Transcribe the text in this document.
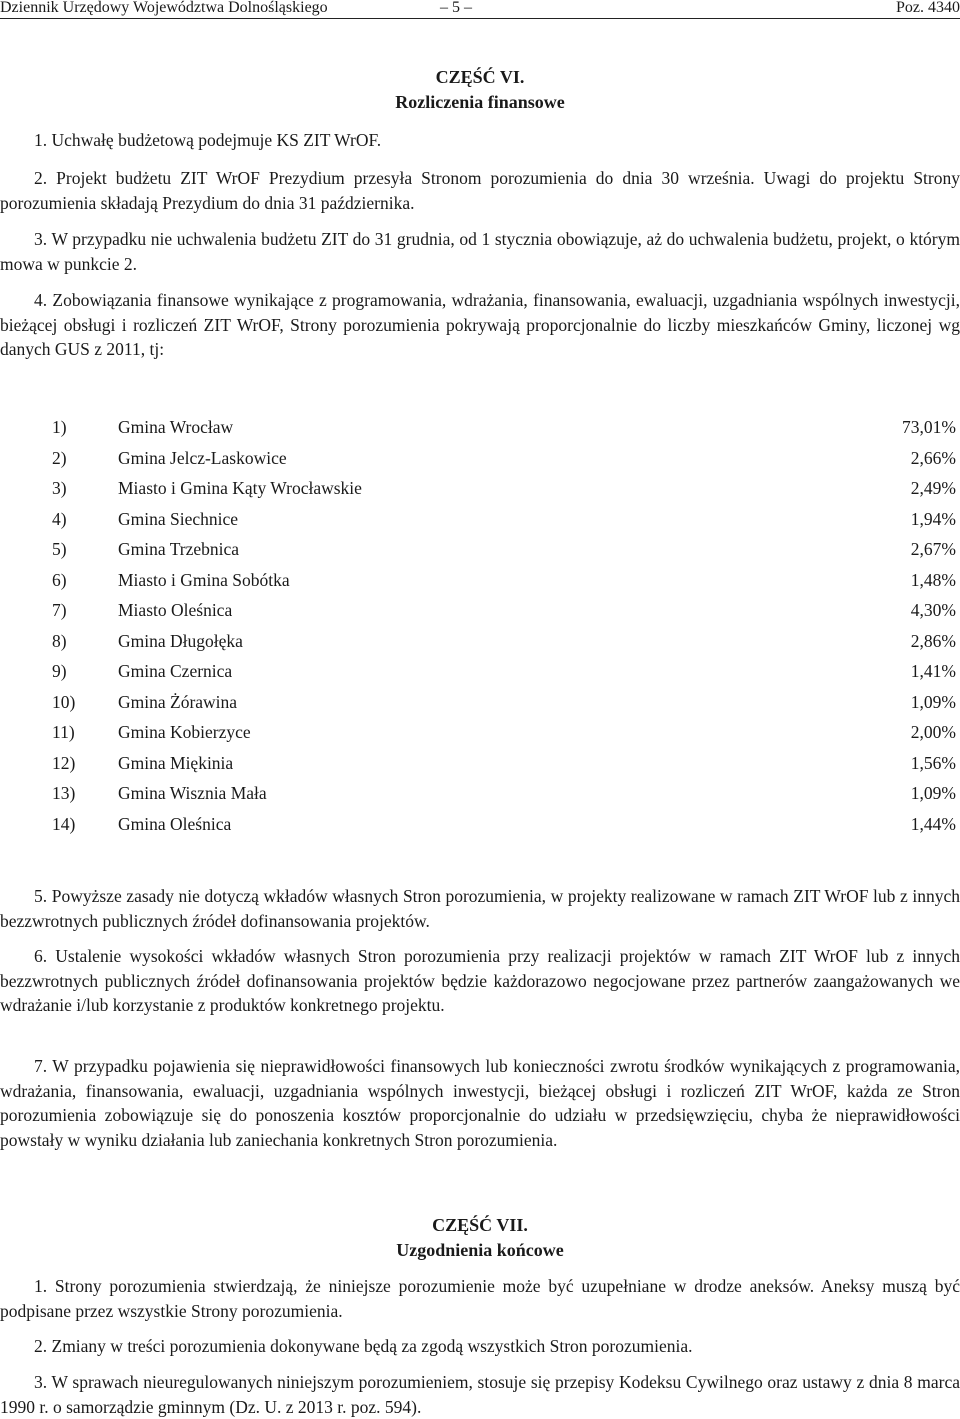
Dziennik Urzędowy Województwa Dolnośląskiego	– 5 –	Poz. 4340
CZĘŚĆ VI.
Rozliczenia finansowe
1. Uchwałę budżetową podejmuje KS ZIT WrOF.
2. Projekt budżetu ZIT WrOF Prezydium przesyła Stronom porozumienia do dnia 30 września. Uwagi do projektu Strony porozumienia składają Prezydium do dnia 31 października.
3. W przypadku nie uchwalenia budżetu ZIT do 31 grudnia, od 1 stycznia obowiązuje, aż do uchwalenia budżetu, projekt, o którym mowa w punkcie 2.
4. Zobowiązania finansowe wynikające z programowania, wdrażania, finansowania, ewaluacji, uzgadniania wspólnych inwestycji, bieżącej obsługi i rozliczeń ZIT WrOF, Strony porozumienia pokrywają proporcjonalnie do liczby mieszkańców Gminy, liczonej wg danych GUS z 2011, tj:
1)	Gmina Wrocław	73,01%
2)	Gmina Jelcz-Laskowice	2,66%
3)	Miasto i Gmina Kąty Wrocławskie	2,49%
4)	Gmina Siechnice	1,94%
5)	Gmina Trzebnica	2,67%
6)	Miasto i Gmina Sobótka	1,48%
7)	Miasto Oleśnica	4,30%
8)	Gmina Długołęka	2,86%
9)	Gmina Czernica	1,41%
10) Gmina Żórawina	1,09%
11) Gmina Kobierzyce	2,00%
12) Gmina Miękinia	1,56%
13) Gmina Wisznia Mała	1,09%
14) Gmina Oleśnica	1,44%
5. Powyższe zasady nie dotyczą wkładów własnych Stron porozumienia, w projekty realizowane w ramach ZIT WrOF lub z innych bezzwrotnych publicznych źródeł dofinansowania projektów.
6. Ustalenie wysokości wkładów własnych Stron porozumienia przy realizacji projektów w ramach ZIT WrOF lub z innych bezzwrotnych publicznych źródeł dofinansowania projektów będzie każdorazowo negocjowane przez partnerów zaangażowanych we wdrażanie i/lub korzystanie z produktów konkretnego projektu.
7. W przypadku pojawienia się nieprawidłowości finansowych lub konieczności zwrotu środków wynikających z programowania, wdrażania, finansowania, ewaluacji, uzgadniania wspólnych inwestycji, bieżącej obsługi i rozliczeń ZIT WrOF, każda ze Stron porozumienia zobowiązuje się do ponoszenia kosztów proporcjonalnie do udziału w przedsięwzięciu, chyba że nieprawidłowości powstały w wyniku działania lub zaniechania konkretnych Stron porozumienia.
CZĘŚĆ VII.
Uzgodnienia końcowe
1. Strony porozumienia stwierdzają, że niniejsze porozumienie może być uzupełniane w drodze aneksów. Aneksy muszą być podpisane przez wszystkie Strony porozumienia.
2. Zmiany w treści porozumienia dokonywane będą za zgodą wszystkich Stron porozumienia.
3. W sprawach nieuregulowanych niniejszym porozumieniem, stosuje się przepisy Kodeksu Cywilnego oraz ustawy z dnia 8 marca 1990 r. o samorządzie gminnym (Dz. U. z 2013 r. poz. 594).
